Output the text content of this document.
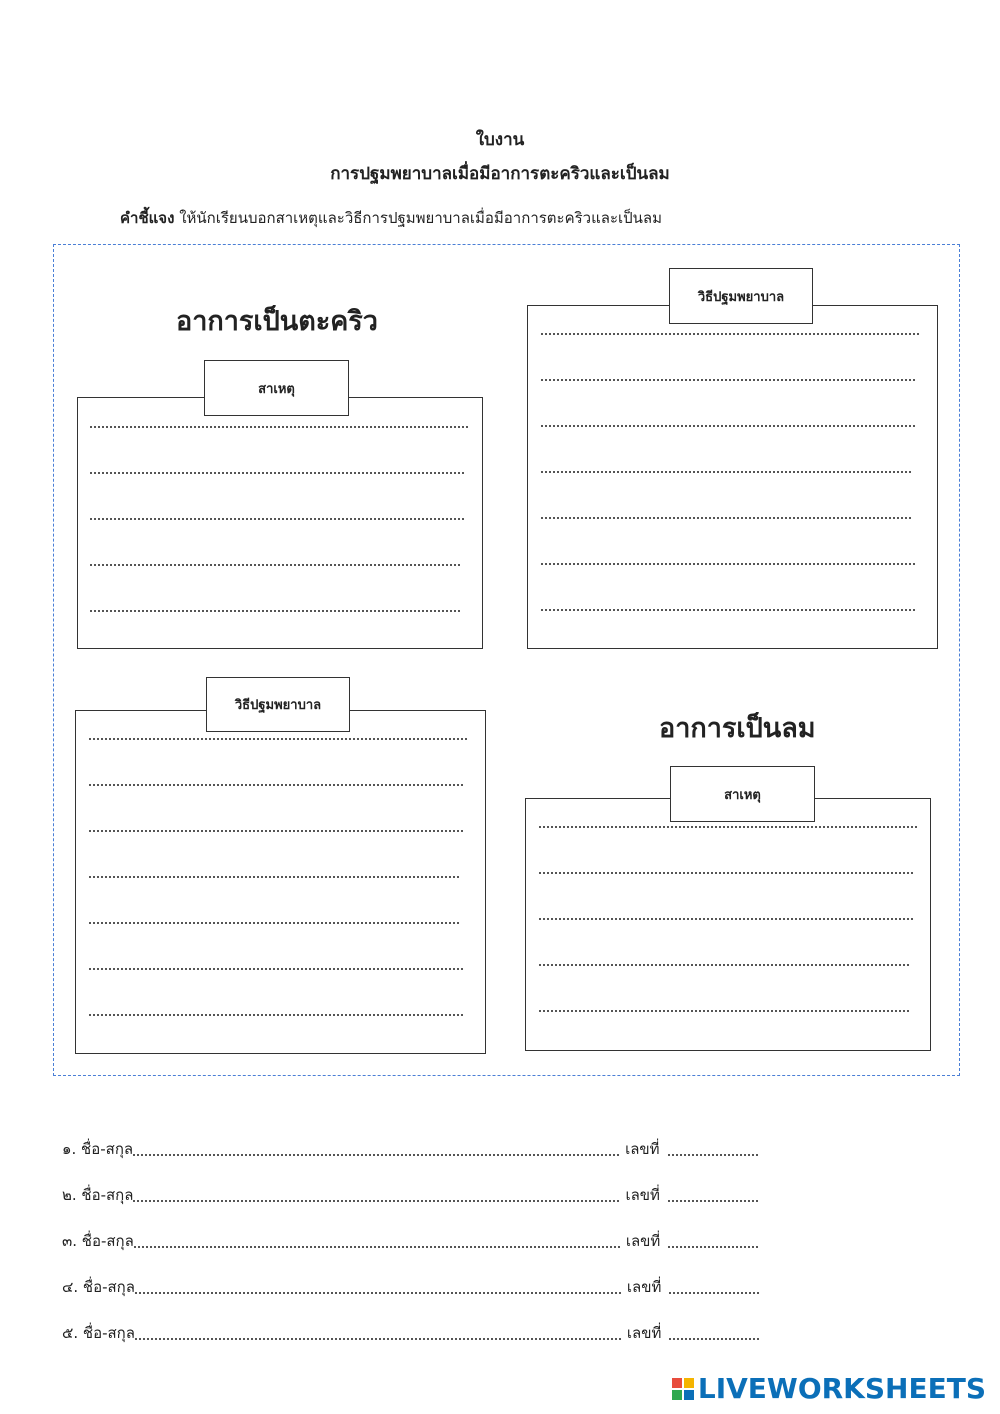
ใบงาน
การปฐมพยาบาลเมื่อมีอาการตะคริวและเป็นลม
คำชี้แจง ให้นักเรียนบอกสาเหตุและวิธีการปฐมพยาบาลเมื่อมีอาการตะคริวและเป็นลม
อาการเป็นตะคริว
สาเหตุ
วิธีปฐมพยาบาล
วิธีปฐมพยาบาล
อาการเป็นลม
สาเหตุ
๑. ชื่อ-สกุล	เลขที่
๒. ชื่อ-สกุล	เลขที่
๓. ชื่อ-สกุล	เลขที่
๔. ชื่อ-สกุล	เลขที่
๕. ชื่อ-สกุล	เลขที่
LIVEWORKSHEETS
